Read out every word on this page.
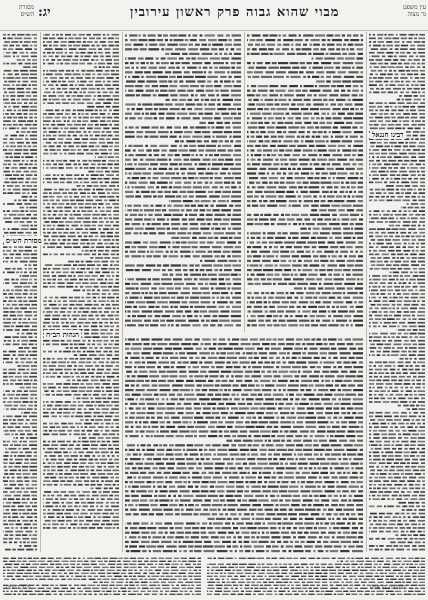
מסורת הש״ס יג:	מבוי שהוא גבוה פרק ראשון עירובין	עין משפט
נר מצוה
מסורת הש״ס
הגהות הב״ח
רבינו חננאל
תוספות הרא״ש
גליון הש״ס
